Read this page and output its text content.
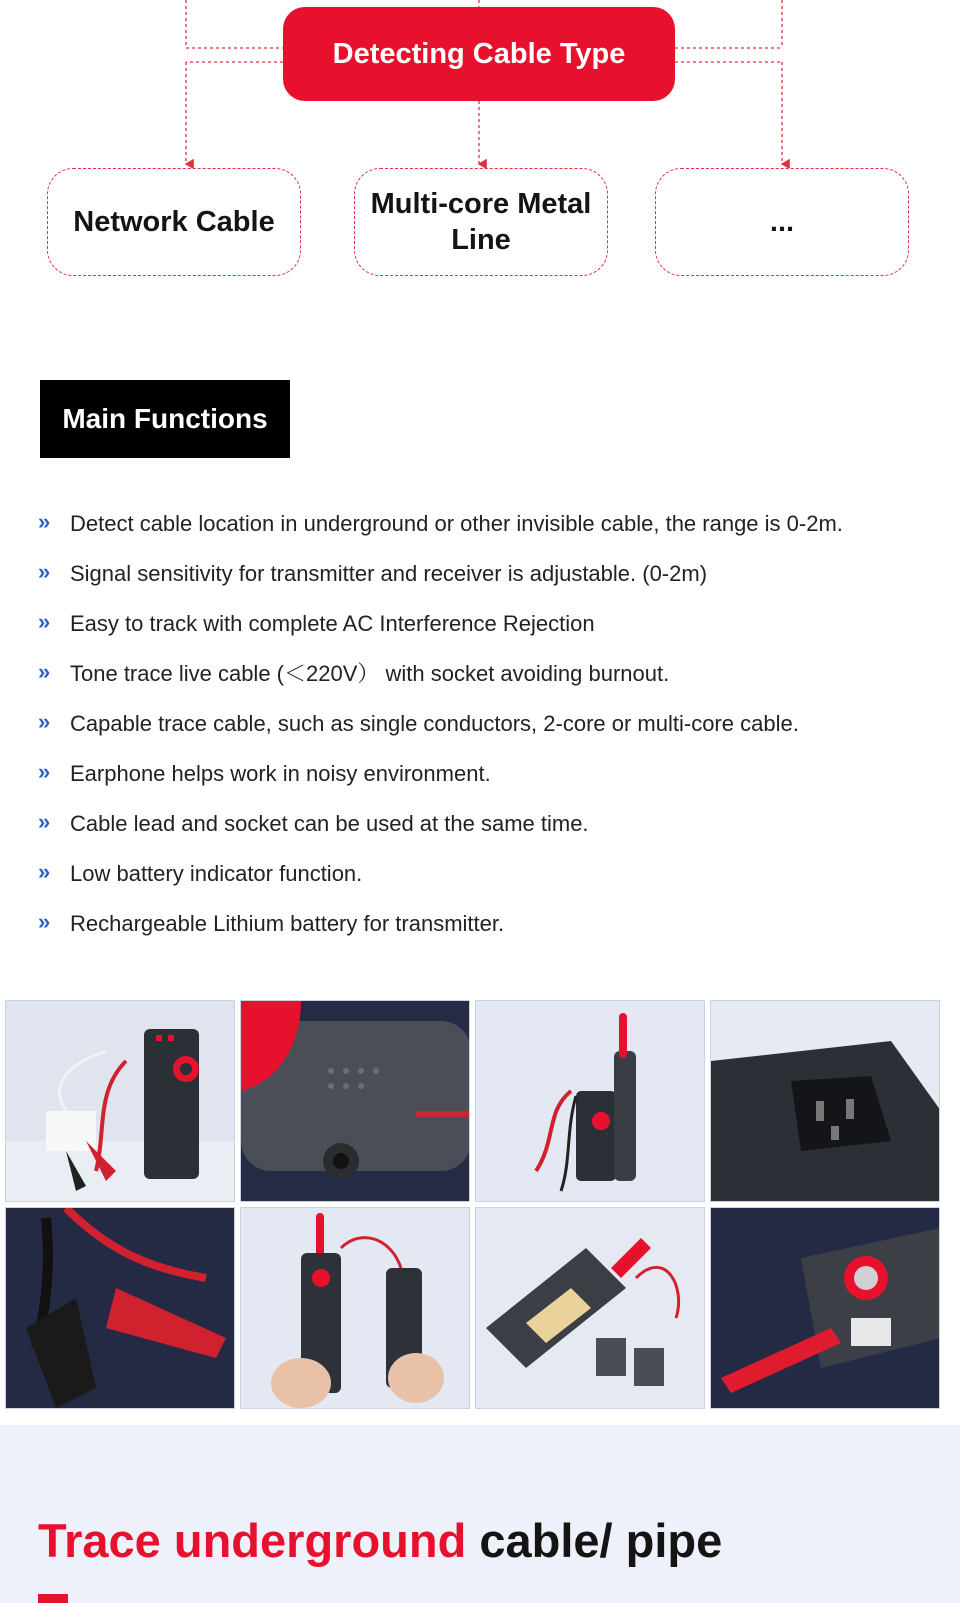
Detecting Cable Type
Network Cable
Multi-core Metal Line
...
Main Functions
» Detect cable location in underground or other invisible cable, the range is 0-2m.
» Signal sensitivity for transmitter and receiver is adjustable. (0-2m)
» Easy to track with complete AC Interference Rejection
» Tone trace live cable (＜220V） with socket avoiding burnout.
» Capable trace cable, such as single conductors, 2-core or multi-core cable.
» Earphone helps work in noisy environment.
» Cable lead and socket can be used at the same time.
» Low battery indicator function.
» Rechargeable Lithium battery for transmitter.
Trace underground cable/ pipe
